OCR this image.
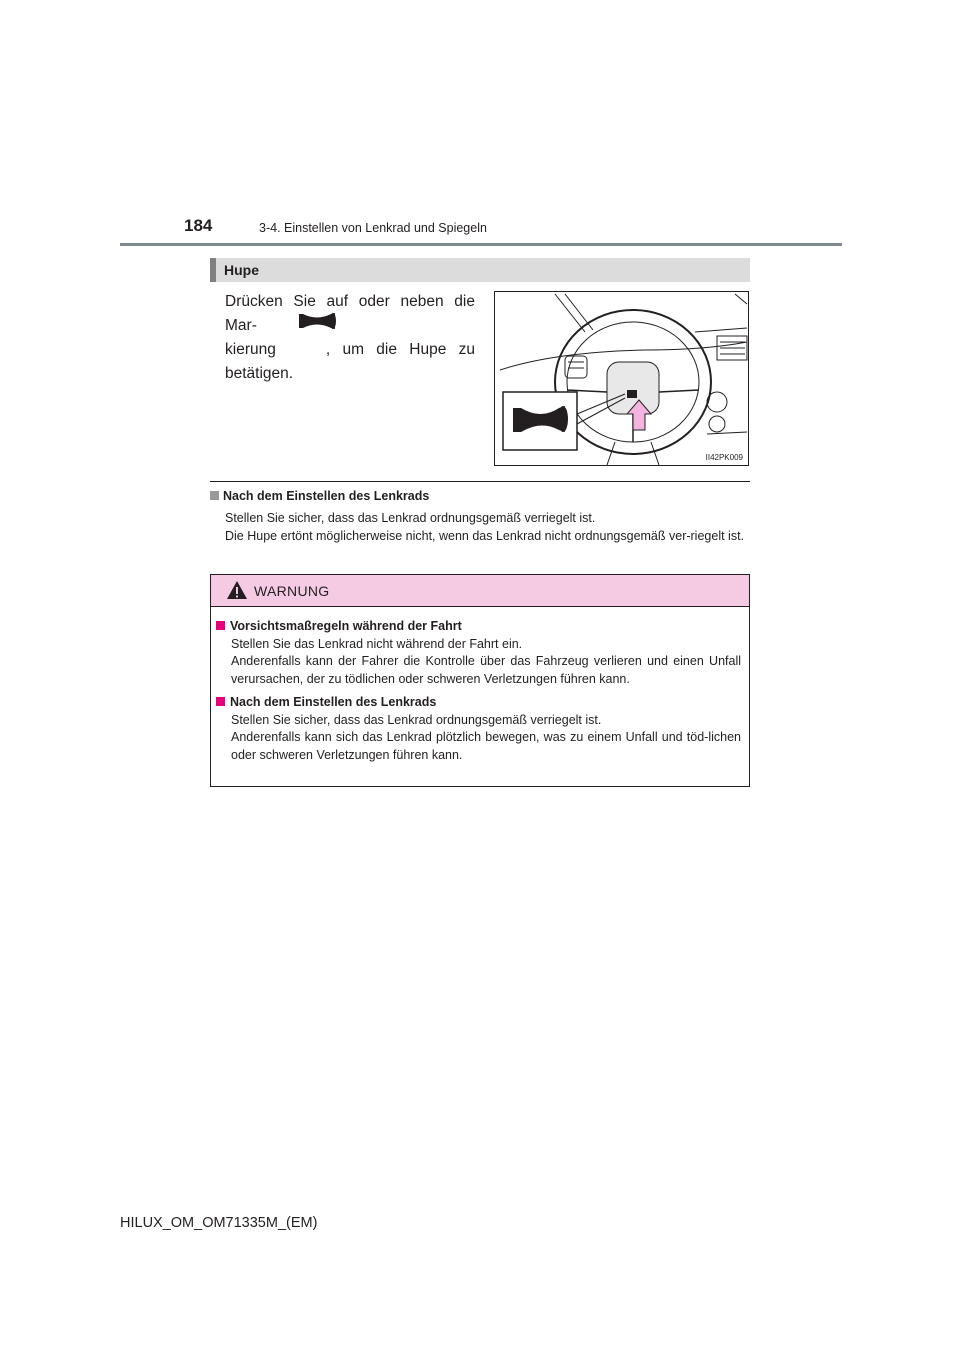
184	3-4. Einstellen von Lenkrad und Spiegeln
Hupe

Drücken Sie auf oder neben die Mar-

kierung	, um die Hupe zu

betätigen.

II42PK009
Nach dem Einstellen des Lenkrads

Stellen Sie sicher, dass das Lenkrad ordnungsgemäß verriegelt ist.

Die Hupe ertönt möglicherweise nicht, wenn das Lenkrad nicht ordnungsgemäß ver-riegelt ist.

WARNUNG
Vorsichtsmaßregeln während der Fahrt

Stellen Sie das Lenkrad nicht während der Fahrt ein.

Anderenfalls kann der Fahrer die Kontrolle über das Fahrzeug verlieren und einen Unfall verursachen, der zu tödlichen oder schweren Verletzungen führen kann.

Nach dem Einstellen des Lenkrads

Stellen Sie sicher, dass das Lenkrad ordnungsgemäß verriegelt ist.

Anderenfalls kann sich das Lenkrad plötzlich bewegen, was zu einem Unfall und töd-lichen oder schweren Verletzungen führen kann.

HILUX_OM_OM71335M_(EM)
